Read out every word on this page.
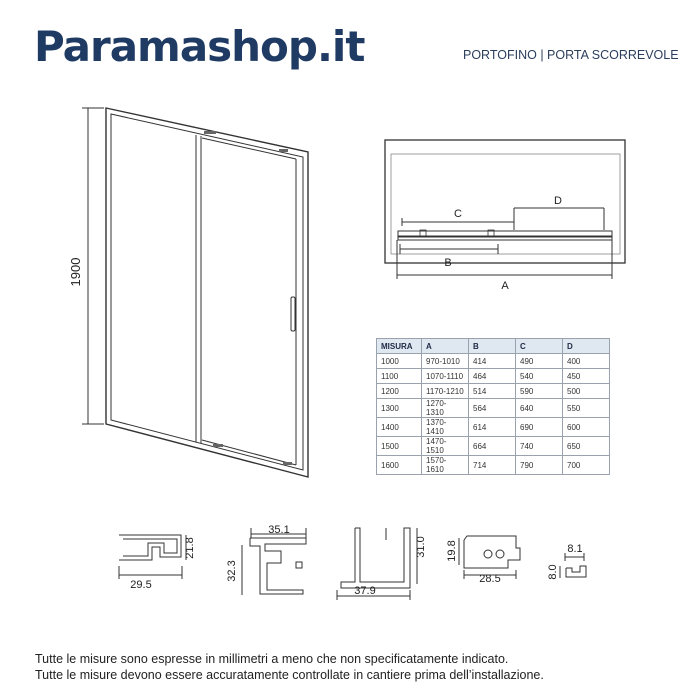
Paramashop.it	PORTOFINO | PORTA SCORREVOLE
1900
C
D
B
A
29.5
21.8
35.1
32.3
37.9
31.0
28.5
19.8	8.1
8.0
MISURA	A	B	C	D
1000	970-1010	414	490	400
1100	1070-1110	464	540	450
1200	1170-1210	514	590	500
1300	1270-1310	564	640	550
1400	1370-1410	614	690	600
1500	1470-1510	664	740	650
1600	1570-1610	714	790	700
Tutte le misure sono espresse in millimetri a meno che non specificatamente indicato.
Tutte le misure devono essere accuratamente controllate in cantiere prima dell’installazione.
